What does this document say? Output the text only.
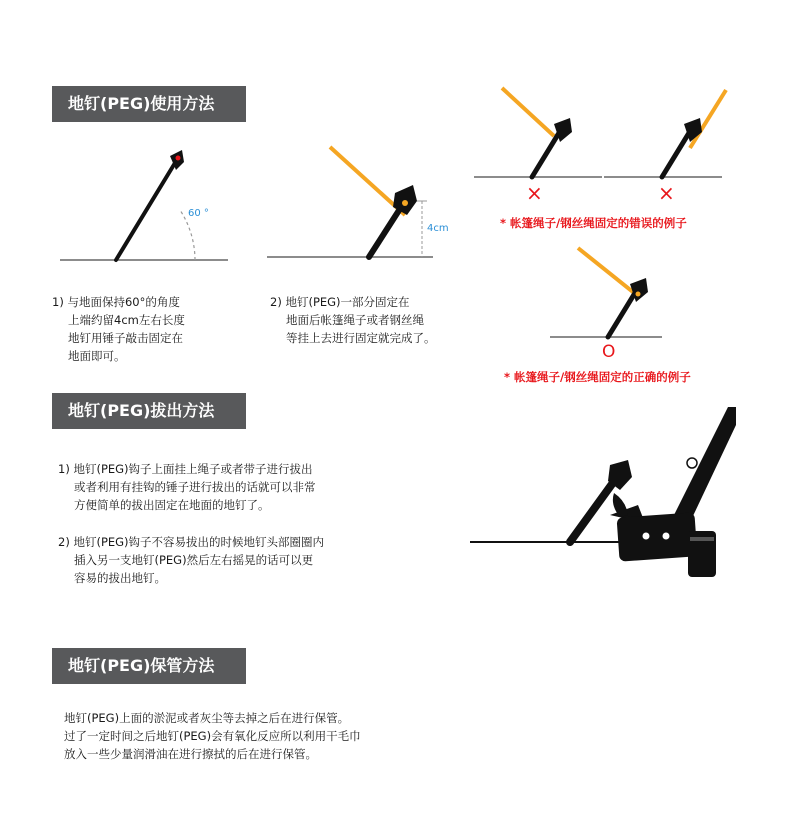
地钉(PEG)使用方法
60 °
4cm
×	×
* 帐篷绳子/钢丝绳固定的错误的例子
O
* 帐篷绳子/钢丝绳固定的正确的例子
1) 与地面保持60°的角度
上端约留4cm左右长度
地钉用锤子敲击固定在
地面即可。
2) 地钉(PEG)一部分固定在
地面后帐篷绳子或者钢丝绳
等挂上去进行固定就完成了。
地钉(PEG)拔出方法
1) 地钉(PEG)钩子上面挂上绳子或者带子进行拔出
或者利用有挂钩的锤子进行拔出的话就可以非常
方便简单的拔出固定在地面的地钉了。
2) 地钉(PEG)钩子不容易拔出的时候地钉头部圈圈内
插入另一支地钉(PEG)然后左右摇晃的话可以更
容易的拔出地钉。
地钉(PEG)保管方法
地钉(PEG)上面的淤泥或者灰尘等去掉之后在进行保管。
过了一定时间之后地钉(PEG)会有氧化反应所以利用干毛巾
放入一些少量润滑油在进行擦拭的后在进行保管。
